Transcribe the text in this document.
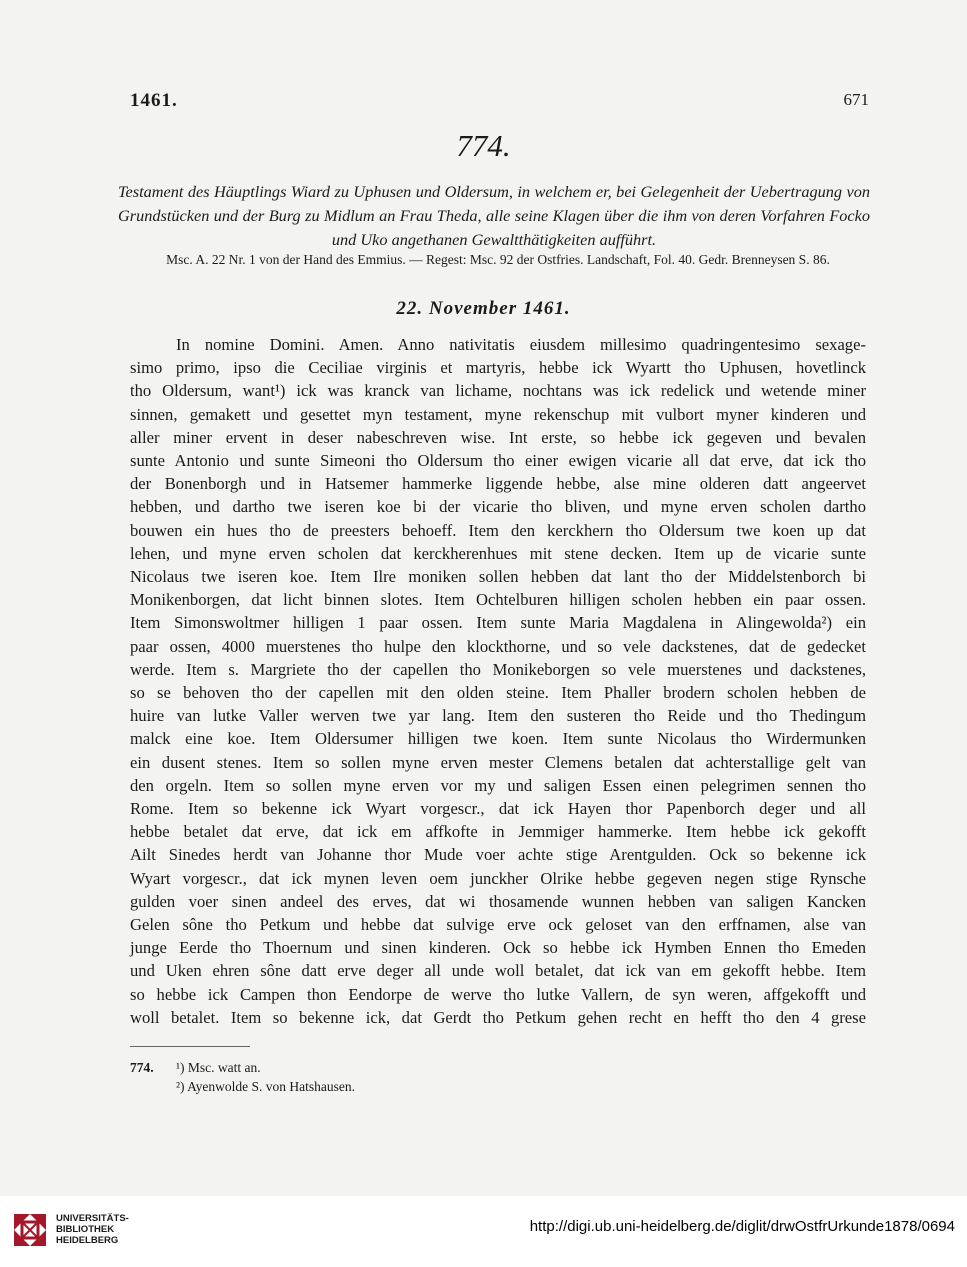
1461.	671
774.
Testament des Häuptlings Wiard zu Uphusen und Oldersum, in welchem er, bei Gelegenheit der Uebertragung von Grundstücken und der Burg zu Midlum an Frau Theda, alle seine Klagen über die ihm von deren Vorfahren Focko und Uko angethanen Gewaltthätigkeiten aufführt.
Msc. A. 22 Nr. 1 von der Hand des Emmius. — Regest: Msc. 92 der Ostfries. Landschaft, Fol. 40. Gedr. Brenneysen S. 86.
22. November 1461.
In nomine Domini. Amen. Anno nativitatis eiusdem millesimo quadringentesimo sexage-
simo primo, ipso die Ceciliae virginis et martyris, hebbe ick Wyartt tho Uphusen, hovetlinck
tho Oldersum, want¹) ick was kranck van lichame, nochtans was ick redelick und wetende miner
sinnen, gemakett und gesettet myn testament, myne rekenschup mit vulbort myner kinderen und
aller miner ervent in deser nabeschreven wise. Int erste, so hebbe ick gegeven und bevalen
sunte Antonio und sunte Simeoni tho Oldersum tho einer ewigen vicarie all dat erve, dat ick tho
der Bonenborgh und in Hatsemer hammerke liggende hebbe, alse mine olderen datt angeervet
hebben, und dartho twe iseren koe bi der vicarie tho bliven, und myne erven scholen dartho
bouwen ein hues tho de preesters behoeff. Item den kerckhern tho Oldersum twe koen up dat
lehen, und myne erven scholen dat kerckherenhues mit stene decken. Item up de vicarie sunte
Nicolaus twe iseren koe. Item Ilre moniken sollen hebben dat lant tho der Middelstenborch bi
Monikenborgen, dat licht binnen slotes. Item Ochtelburen hilligen scholen hebben ein paar ossen.
Item Simonswoltmer hilligen 1 paar ossen. Item sunte Maria Magdalena in Alingewolda²) ein
paar ossen, 4000 muerstenes tho hulpe den klockthorne, und so vele dackstenes, dat de gedecket
werde. Item s. Margriete tho der capellen tho Monikeborgen so vele muerstenes und dackstenes,
so se behoven tho der capellen mit den olden steine. Item Phaller brodern scholen hebben de
huire van lutke Valler werven twe yar lang. Item den susteren tho Reide und tho Thedingum
malck eine koe. Item Oldersumer hilligen twe koen. Item sunte Nicolaus tho Wirdermunken
ein dusent stenes. Item so sollen myne erven mester Clemens betalen dat achterstallige gelt van
den orgeln. Item so sollen myne erven vor my und saligen Essen einen pelegrimen sennen tho
Rome. Item so bekenne ick Wyart vorgescr., dat ick Hayen thor Papenborch deger und all
hebbe betalet dat erve, dat ick em affkofte in Jemmiger hammerke. Item hebbe ick gekofft
Ailt Sinedes herdt van Johanne thor Mude voer achte stige Arentgulden. Ock so bekenne ick
Wyart vorgescr., dat ick mynen leven oem junckher Olrike hebbe gegeven negen stige Rynsche
gulden voer sinen andeel des erves, dat wi thosamende wunnen hebben van saligen Kancken
Gelen sône tho Petkum und hebbe dat sulvige erve ock geloset van den erffnamen, alse van
junge Eerde tho Thoernum und sinen kinderen. Ock so hebbe ick Hymben Ennen tho Emeden
und Uken ehren sône datt erve deger all unde woll betalet, dat ick van em gekofft hebbe. Item
so hebbe ick Campen thon Eendorpe de werve tho lutke Vallern, de syn weren, affgekofft und
woll betalet. Item so bekenne ick, dat Gerdt tho Petkum gehen recht en hefft tho den 4 grese
774. ¹) Msc. watt an.
²) Ayenwolde S. von Hatshausen.
UNIVERSITÄTS-
BIBLIOTHEK
HEIDELBERG
http://digi.ub.uni-heidelberg.de/diglit/drwOstfrUrkunde1878/0694
